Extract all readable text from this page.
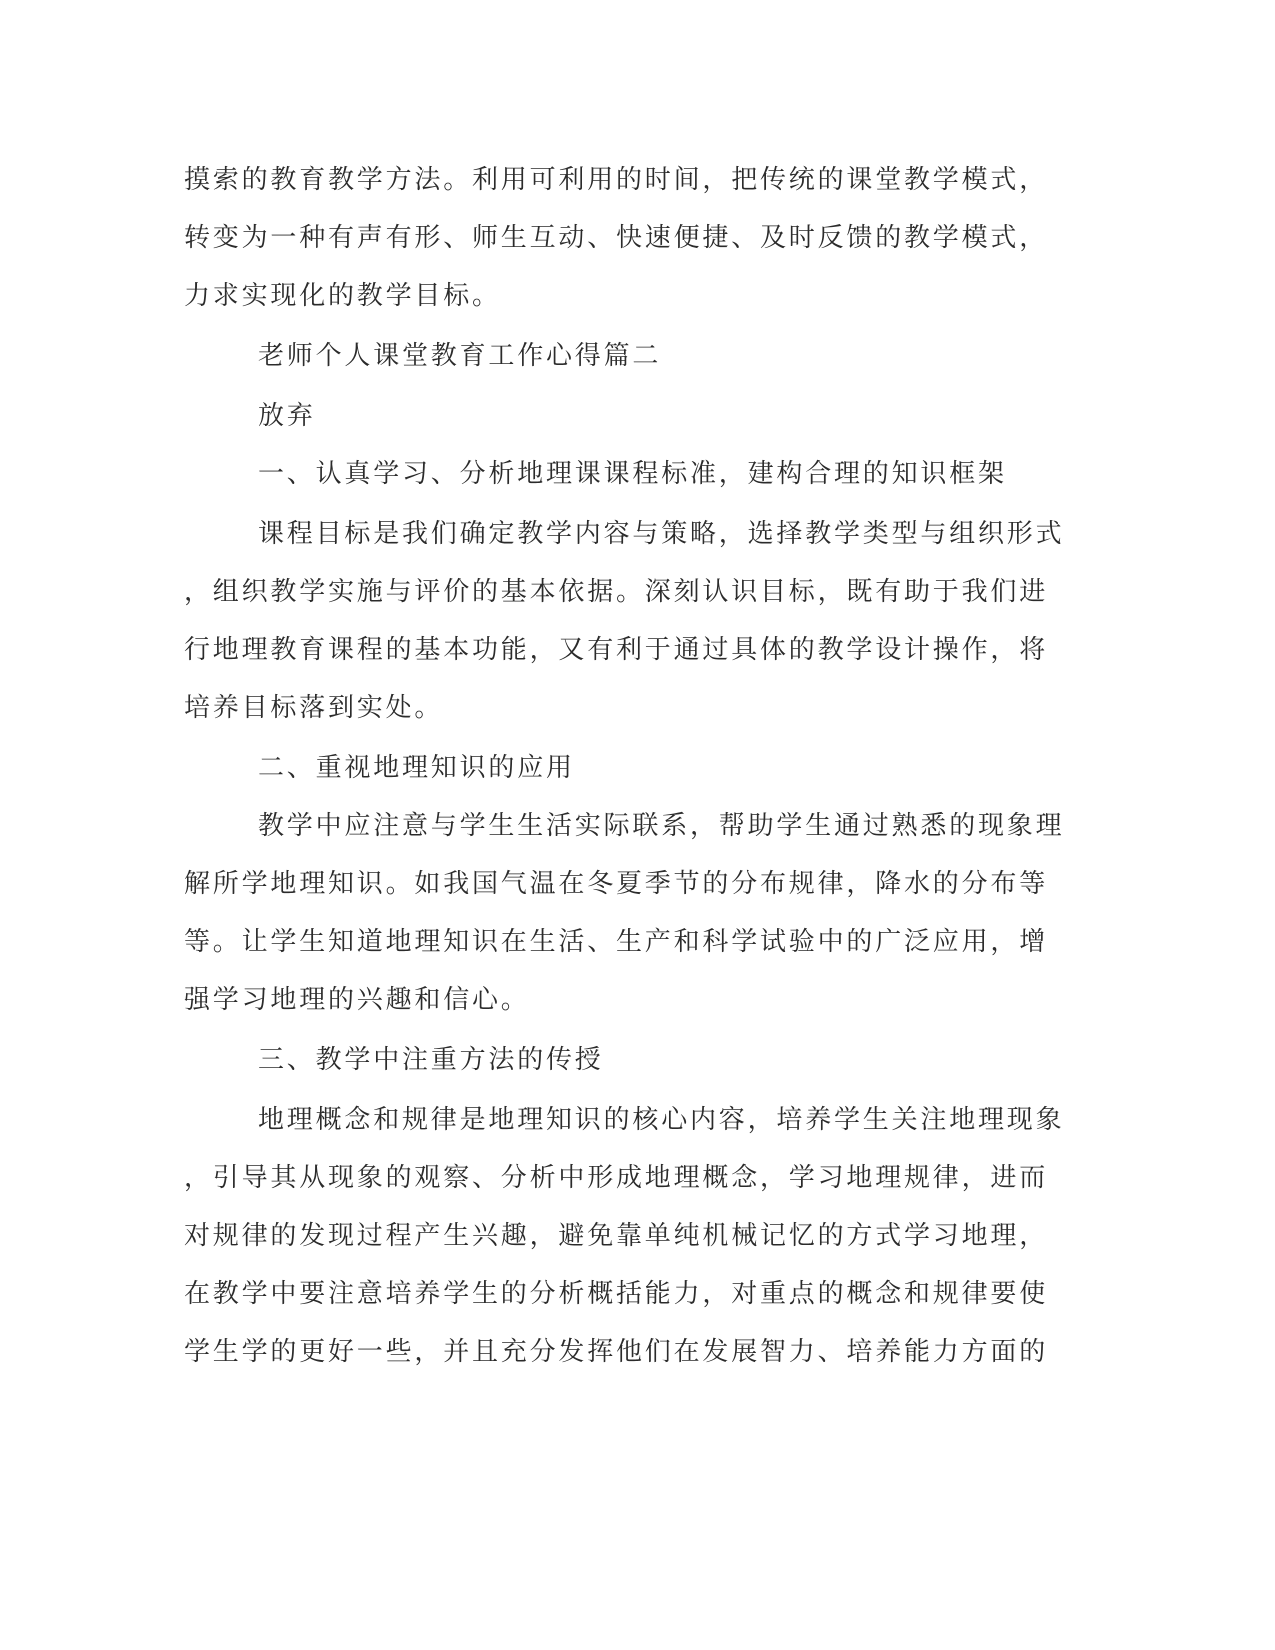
摸索的教育教学方法。利用可利用的时间，把传统的课堂教学模式，
转变为一种有声有形、师生互动、快速便捷、及时反馈的教学模式，
力求实现化的教学目标。
老师个人课堂教育工作心得篇二
放弃
一、认真学习、分析地理课课程标准，建构合理的知识框架
课程目标是我们确定教学内容与策略，选择教学类型与组织形式
，组织教学实施与评价的基本依据。深刻认识目标，既有助于我们进
行地理教育课程的基本功能，又有利于通过具体的教学设计操作，将
培养目标落到实处。
二、重视地理知识的应用
教学中应注意与学生生活实际联系，帮助学生通过熟悉的现象理
解所学地理知识。如我国气温在冬夏季节的分布规律，降水的分布等
等。让学生知道地理知识在生活、生产和科学试验中的广泛应用，增
强学习地理的兴趣和信心。
三、教学中注重方法的传授
地理概念和规律是地理知识的核心内容，培养学生关注地理现象
，引导其从现象的观察、分析中形成地理概念，学习地理规律，进而
对规律的发现过程产生兴趣，避免靠单纯机械记忆的方式学习地理，
在教学中要注意培养学生的分析概括能力，对重点的概念和规律要使
学生学的更好一些，并且充分发挥他们在发展智力、培养能力方面的
